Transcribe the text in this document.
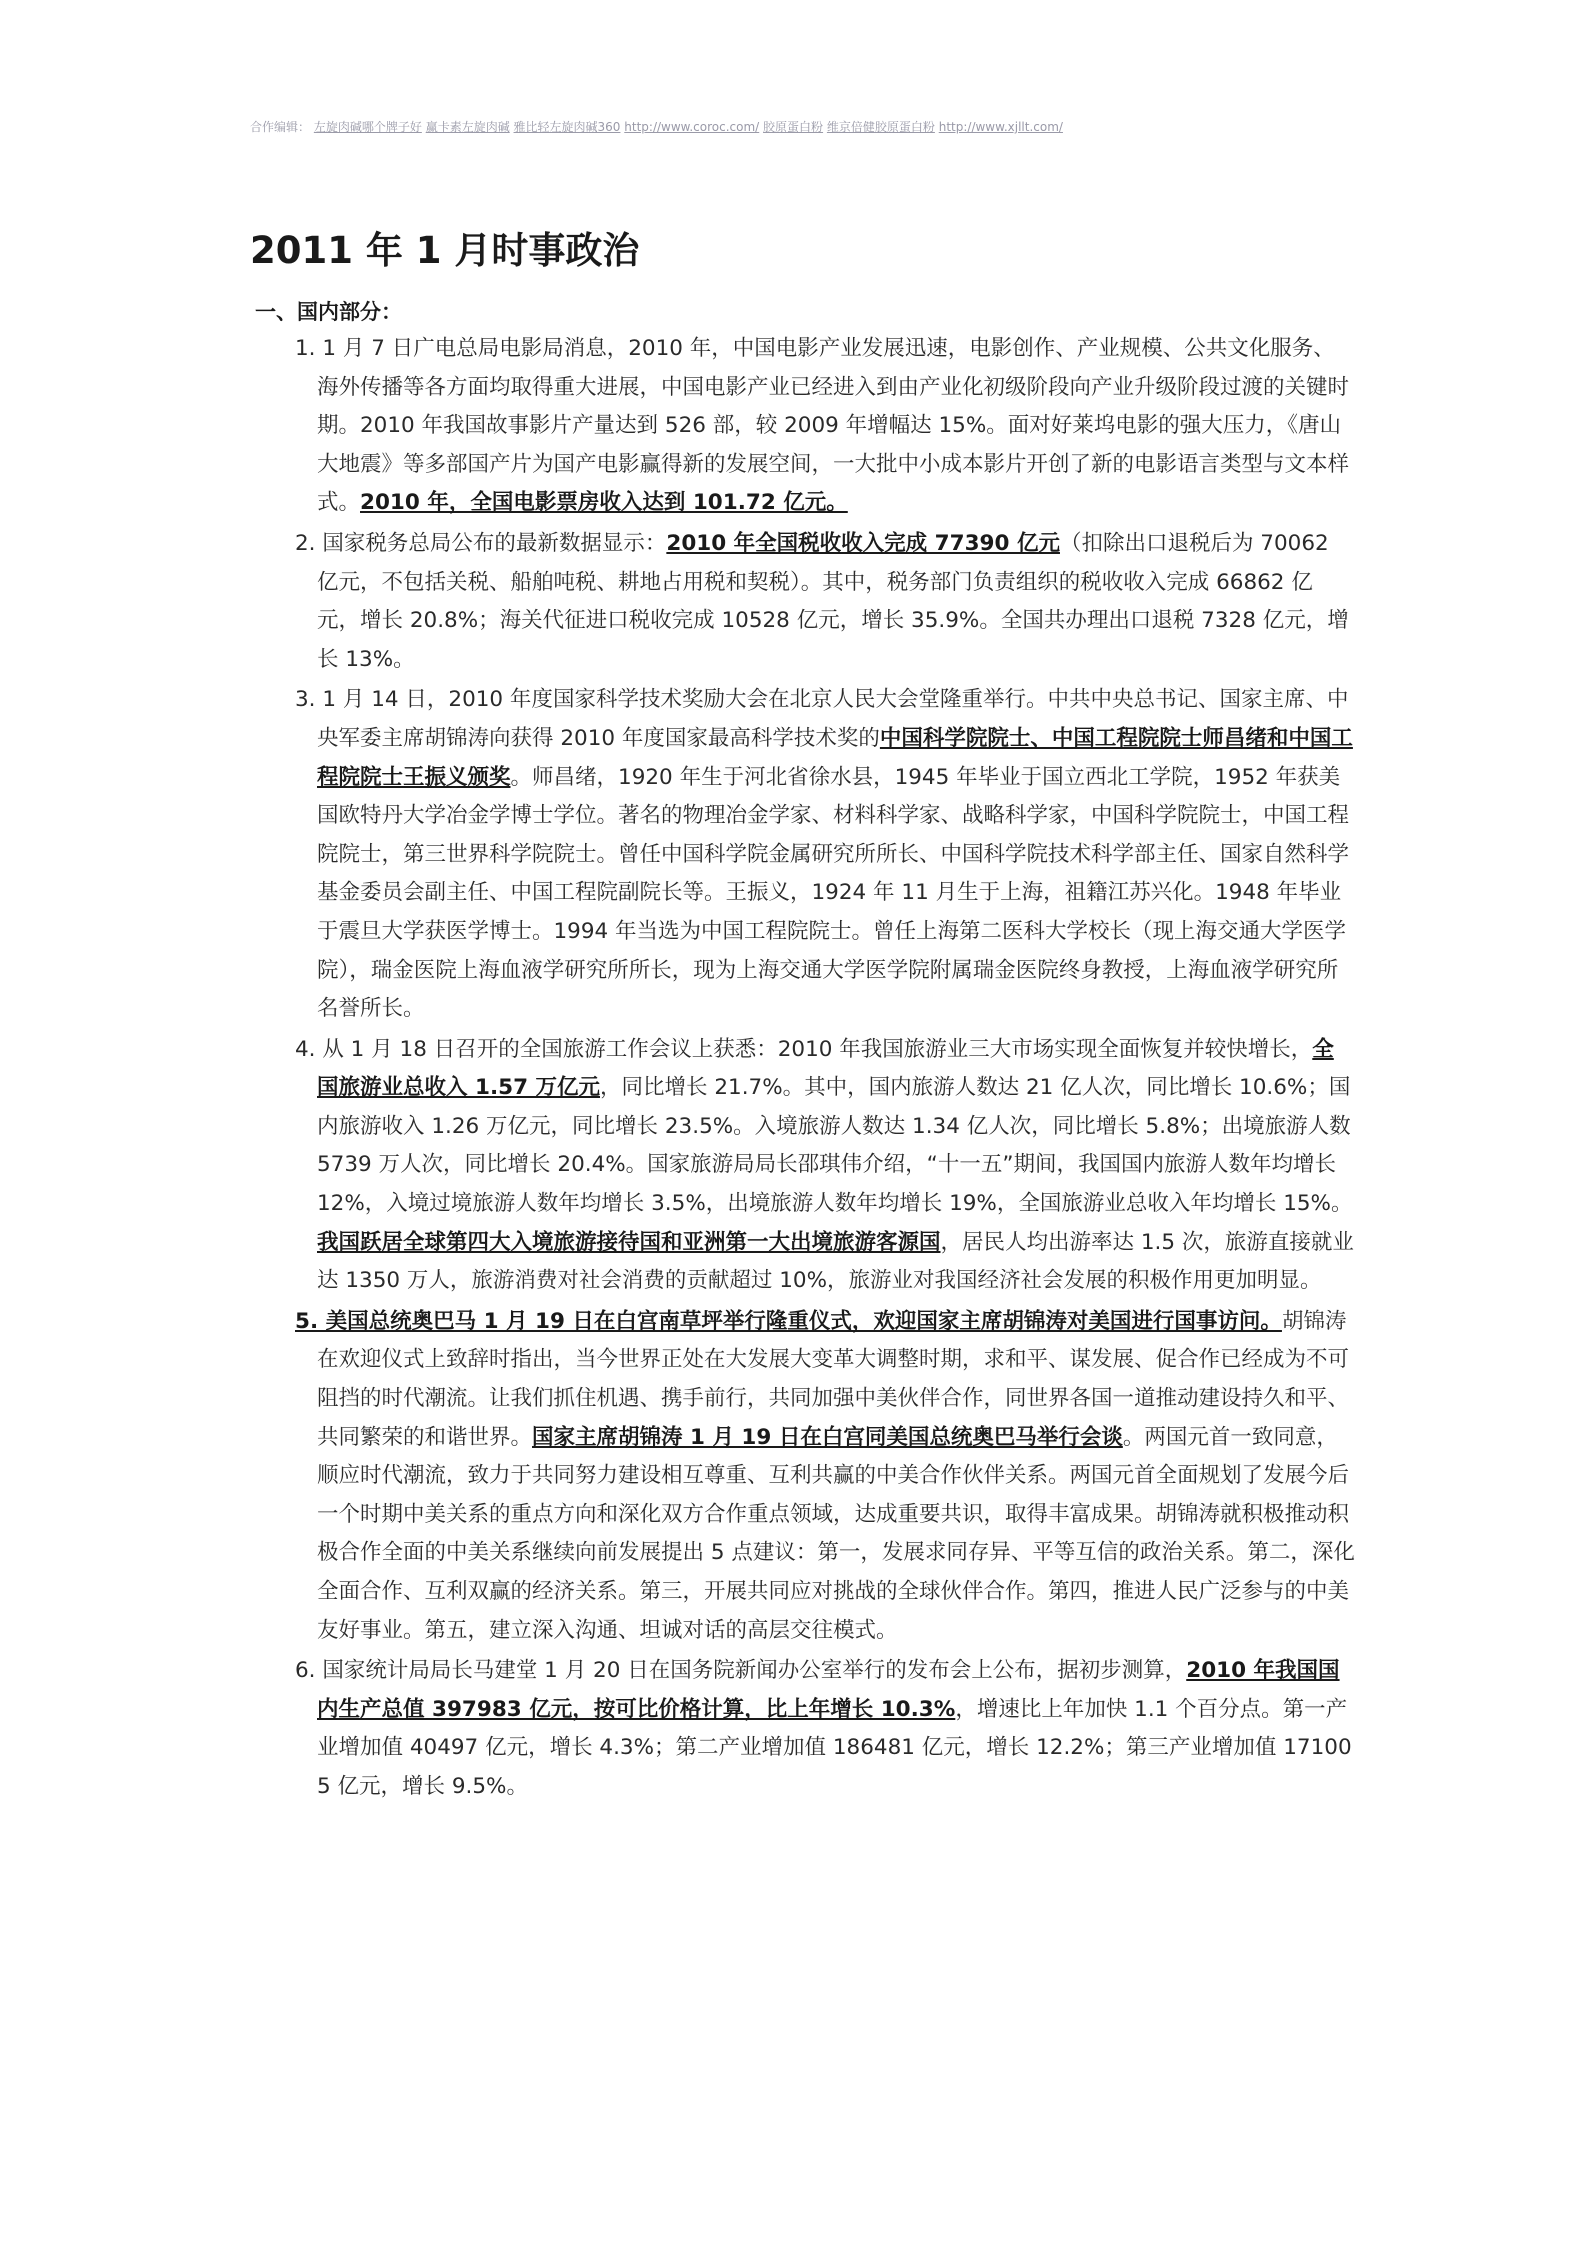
合作编辑： 左旋肉碱哪个牌子好 赢卡素左旋肉碱 雅比轻左旋肉碱360 http://www.coroc.com/ 胶原蛋白粉 维京倍健胶原蛋白粉 http://www.xjllt.com/
2011 年 1 月时事政治
一、国内部分：

1. 1 月 7 日广电总局电影局消息，2010 年，中国电影产业发展迅速，电影创作、产业规模、公共文化服务、海外传播等各方面均取得重大进展，中国电影产业已经进入到由产业化初级阶段向产业升级阶段过渡的关键时期。2010 年我国故事影片产量达到 526 部，较 2009 年增幅达 15%。面对好莱坞电影的强大压力，《唐山大地震》等多部国产片为国产电影赢得新的发展空间，一大批中小成本影片开创了新的电影语言类型与文本样式。2010 年，全国电影票房收入达到 101.72 亿元。

2. 国家税务总局公布的最新数据显示：2010 年全国税收收入完成 77390 亿元（扣除出口退税后为 70062 亿元，不包括关税、船舶吨税、耕地占用税和契税）。其中，税务部门负责组织的税收收入完成 66862 亿元，增长 20.8%；海关代征进口税收完成 10528 亿元，增长 35.9%。全国共办理出口退税 7328 亿元，增长 13%。

3. 1 月 14 日，2010 年度国家科学技术奖励大会在北京人民大会堂隆重举行。中共中央总书记、国家主席、中央军委主席胡锦涛向获得 2010 年度国家最高科学技术奖的中国科学院院士、中国工程院院士师昌绪和中国工程院院士王振义颁奖。师昌绪，1920 年生于河北省徐水县，1945 年毕业于国立西北工学院，1952 年获美国欧特丹大学冶金学博士学位。著名的物理冶金学家、材料科学家、战略科学家，中国科学院院士，中国工程院院士，第三世界科学院院士。曾任中国科学院金属研究所所长、中国科学院技术科学部主任、国家自然科学基金委员会副主任、中国工程院副院长等。王振义，1924 年 11 月生于上海，祖籍江苏兴化。1948 年毕业于震旦大学获医学博士。1994 年当选为中国工程院院士。曾任上海第二医科大学校长（现上海交通大学医学院），瑞金医院上海血液学研究所所长，现为上海交通大学医学院附属瑞金医院终身教授，上海血液学研究所名誉所长。

4. 从 1 月 18 日召开的全国旅游工作会议上获悉：2010 年我国旅游业三大市场实现全面恢复并较快增长，全国旅游业总收入 1.57 万亿元，同比增长 21.7%。其中，国内旅游人数达 21 亿人次，同比增长 10.6%；国内旅游收入 1.26 万亿元，同比增长 23.5%。入境旅游人数达 1.34 亿人次，同比增长 5.8%；出境旅游人数 5739 万人次，同比增长 20.4%。国家旅游局局长邵琪伟介绍，“十一五”期间，我国国内旅游人数年均增长 12%，入境过境旅游人数年均增长 3.5%，出境旅游人数年均增长 19%，全国旅游业总收入年均增长 15%。我国跃居全球第四大入境旅游接待国和亚洲第一大出境旅游客源国，居民人均出游率达 1.5 次，旅游直接就业达 1350 万人，旅游消费对社会消费的贡献超过 10%，旅游业对我国经济社会发展的积极作用更加明显。

5. 美国总统奥巴马 1 月 19 日在白宫南草坪举行隆重仪式，欢迎国家主席胡锦涛对美国进行国事访问。胡锦涛在欢迎仪式上致辞时指出，当今世界正处在大发展大变革大调整时期，求和平、谋发展、促合作已经成为不可阻挡的时代潮流。让我们抓住机遇、携手前行，共同加强中美伙伴合作，同世界各国一道推动建设持久和平、共同繁荣的和谐世界。国家主席胡锦涛 1 月 19 日在白宫同美国总统奥巴马举行会谈。两国元首一致同意，顺应时代潮流，致力于共同努力建设相互尊重、互利共赢的中美合作伙伴关系。两国元首全面规划了发展今后一个时期中美关系的重点方向和深化双方合作重点领域，达成重要共识，取得丰富成果。胡锦涛就积极推动积极合作全面的中美关系继续向前发展提出 5 点建议：第一，发展求同存异、平等互信的政治关系。第二，深化全面合作、互利双赢的经济关系。第三，开展共同应对挑战的全球伙伴合作。第四，推进人民广泛参与的中美友好事业。第五，建立深入沟通、坦诚对话的高层交往模式。

6. 国家统计局局长马建堂 1 月 20 日在国务院新闻办公室举行的发布会上公布，据初步测算，2010 年我国国内生产总值 397983 亿元，按可比价格计算，比上年增长 10.3%，增速比上年加快 1.1 个百分点。第一产业增加值 40497 亿元，增长 4.3%；第二产业增加值 186481 亿元，增长 12.2%；第三产业增加值 171005 亿元，增长 9.5%。
